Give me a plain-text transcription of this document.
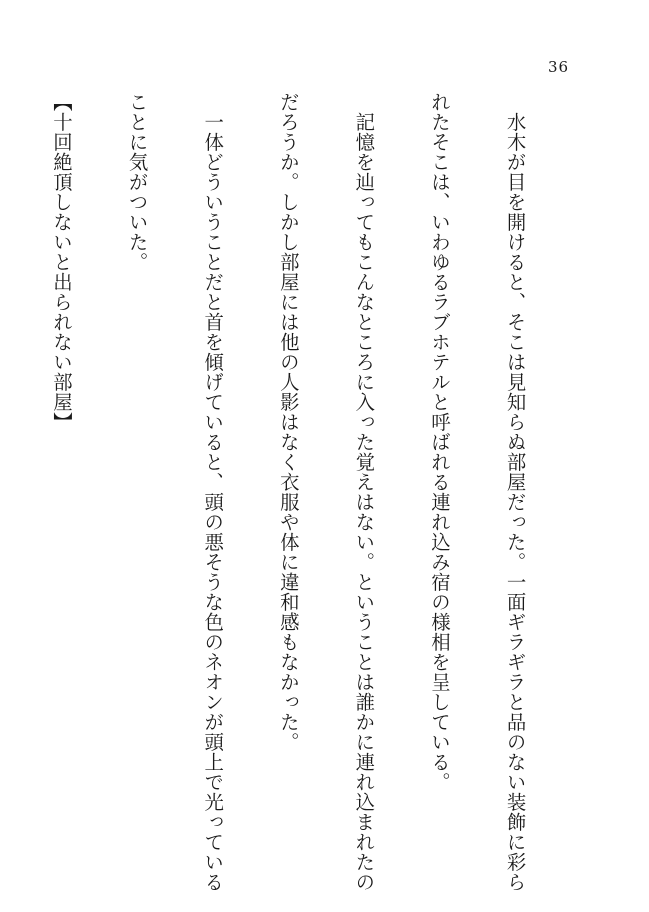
36

　水木が目を開けると、そこは見知らぬ部屋だった。一面ギラギラと品のない装飾に彩ら

れたそこは、いわゆるラブホテルと呼ばれる連れ込み宿の様相を呈している。

　記憶を辿ってもこんなところに入った覚えはない。ということは誰かに連れ込まれたの

だろうか。しかし部屋には他の人影はなく衣服や体に違和感もなかった。

　一体どういうことだと首を傾げていると、頭の悪そうな色のネオンが頭上で光っている

ことに気がついた。

【十回絶頂しないと出られない部屋】
